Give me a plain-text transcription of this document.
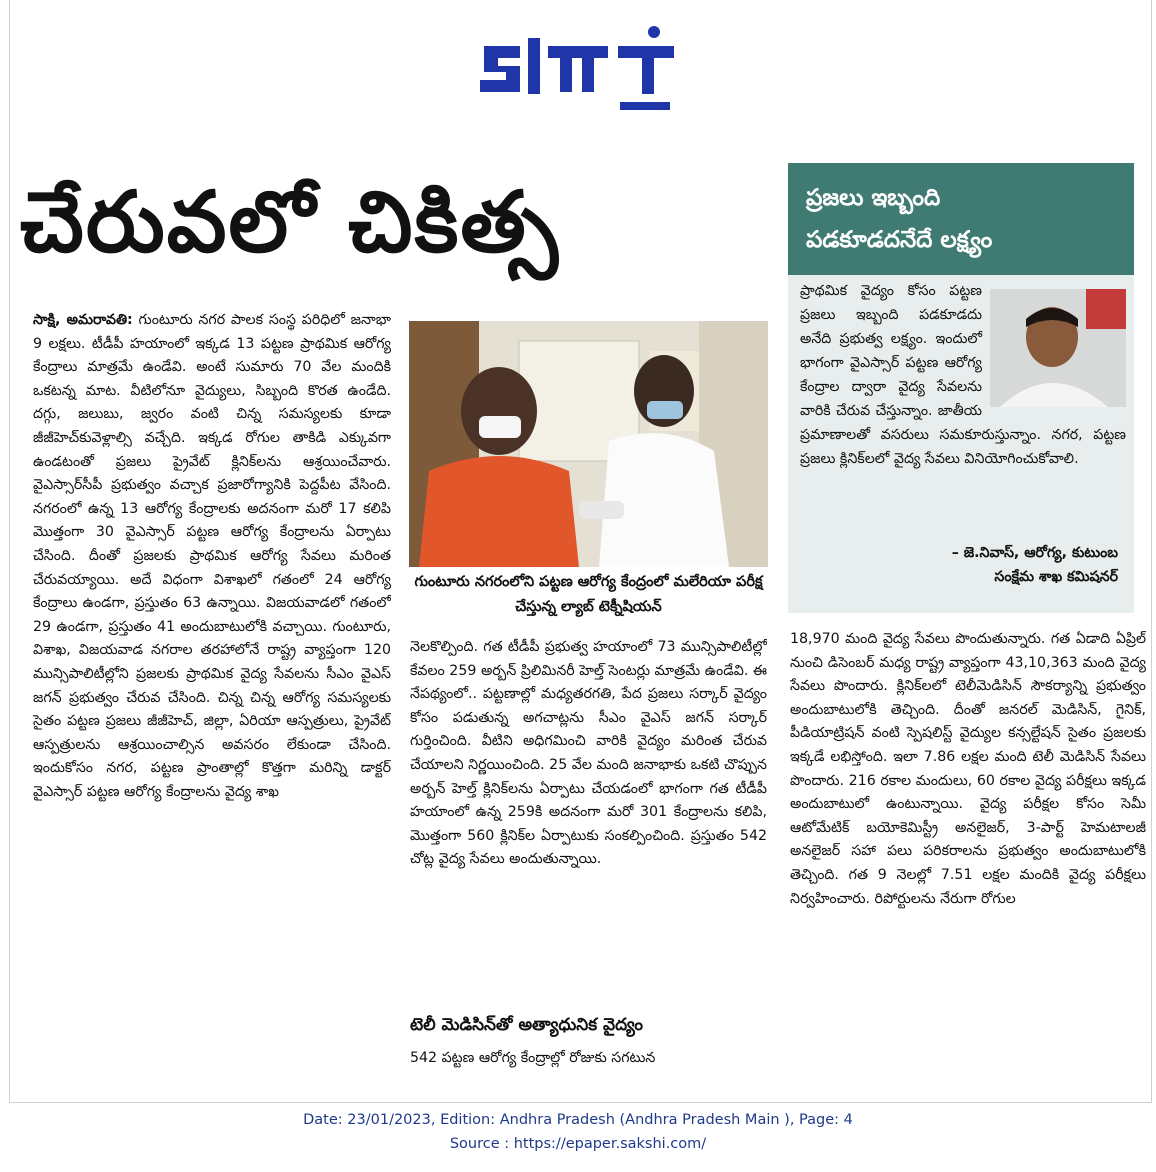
చేరువలో చికిత్స
సాక్షి, అమరావతి: గుంటూరు నగర పాలక సంస్థ పరిధిలో జనాభా 9 లక్షలు. టీడీపీ హయాంలో ఇక్కడ 13 పట్టణ ప్రాథమిక ఆరోగ్య కేంద్రాలు మాత్రమే ఉండేవి. అంటే సుమారు 70 వేల మందికి ఒకటన్న మాట. వీటిలోనూ వైద్యులు, సిబ్బంది కొరత ఉండేది. దగ్గు, జలుబు, జ్వరం వంటి చిన్న సమస్యలకు కూడా జీజీహెచ్‌కువెళ్లాల్సి వచ్చేది. ఇక్కడ రోగుల తాకిడి ఎక్కువగా ఉండటంతో ప్రజలు ప్రైవేట్ క్లినిక్‌లను ఆశ్రయించేవారు. వైఎస్సార్‌సీపీ ప్రభుత్వం వచ్చాక ప్రజారోగ్యానికి పెద్దపీట వేసింది. నగరంలో ఉన్న 13 ఆరోగ్య కేంద్రాలకు అదనంగా మరో 17 కలిపి మొత్తంగా 30 వైఎస్సార్ పట్టణ ఆరోగ్య కేంద్రాలను ఏర్పాటు చేసింది. దీంతో ప్రజలకు ప్రాథమిక ఆరోగ్య సేవలు మరింత చేరువయ్యాయి. అదే విధంగా విశాఖలో గతంలో 24 ఆరోగ్య కేంద్రాలు ఉండగా, ప్రస్తుతం 63 ఉన్నాయి. విజయవాడలో గతంలో 29 ఉండగా, ప్రస్తుతం 41 అందుబాటులోకి వచ్చాయి. గుంటూరు, విశాఖ, విజయవాడ నగరాల తరహాలోనే రాష్ట్ర వ్యాప్తంగా 120 మున్సిపాలిటీల్లోని ప్రజలకు ప్రాథమిక వైద్య సేవలను సీఎం వైఎస్ జగన్ ప్రభుత్వం చేరువ చేసింది. చిన్న చిన్న ఆరోగ్య సమస్యలకు సైతం పట్టణ ప్రజలు జీజీహెచ్, జిల్లా, ఏరియా ఆస్పత్రులు, ప్రైవేట్ ఆస్పత్రులను ఆశ్రయించాల్సిన అవసరం లేకుండా చేసింది. ఇందుకోసం నగర, పట్టణ ప్రాంతాల్లో కొత్తగా మరిన్ని డాక్టర్ వైఎస్సార్ పట్టణ ఆరోగ్య కేంద్రాలను వైద్య శాఖ
గుంటూరు నగరంలోని పట్టణ ఆరోగ్య కేంద్రంలో మలేరియా పరీక్ష చేస్తున్న ల్యాబ్ టెక్నీషియన్
నెలకొల్పింది. గత టీడీపీ ప్రభుత్వ హయాంలో 73 మున్సిపాలిటీల్లో కేవలం 259 అర్బన్ ప్రిలిమినరీ హెల్త్ సెంటర్లు మాత్రమే ఉండేవి. ఈ నేపథ్యంలో.. పట్టణాల్లో మధ్యతరగతి, పేద ప్రజలు సర్కార్ వైద్యం కోసం పడుతున్న అగచాట్లను సీఎం వైఎస్ జగన్ సర్కార్ గుర్తించింది. వీటిని అధిగమించి వారికి వైద్యం మరింత చేరువ చేయాలని నిర్ణయించింది. 25 వేల మంది జనాభాకు ఒకటి చొప్పున అర్బన్ హెల్త్ క్లినిక్‌లను ఏర్పాటు చేయడంలో భాగంగా గత టీడీపీ హయాంలో ఉన్న 259కి అదనంగా మరో 301 కేంద్రాలను కలిపి, మొత్తంగా 560 క్లినిక్‌ల ఏర్పాటుకు సంకల్పించింది. ప్రస్తుతం 542 చోట్ల వైద్య సేవలు అందుతున్నాయి.
టెలీ మెడిసిన్‌తో అత్యాధునిక వైద్యం
542 పట్టణ ఆరోగ్య కేంద్రాల్లో రోజుకు సగటున
ప్రజలు ఇబ్బంది
పడకూడదనేదే లక్ష్యం
ప్రాథమిక వైద్యం కోసం పట్టణ ప్రజలు ఇబ్బంది పడకూడదు అనేది ప్రభుత్వ లక్ష్యం. ఇందులో భాగంగా వైఎస్సార్ పట్టణ ఆరోగ్య కేంద్రాల ద్వారా వైద్య సేవలను వారికి చేరువ చేస్తున్నాం. జాతీయ ప్రమాణాలతో వసరులు సమకూరుస్తున్నాం. నగర, పట్టణ ప్రజలు క్లినిక్‌లలో వైద్య సేవలు వినియోగించుకోవాలి.
– జె.నివాస్, ఆరోగ్య, కుటుంబ
సంక్షేమ శాఖ కమిషనర్
18,970 మంది వైద్య సేవలు పొందుతున్నారు. గత ఏడాది ఏప్రిల్ నుంచి డిసెంబర్ మధ్య రాష్ట్ర వ్యాప్తంగా 43,10,363 మంది వైద్య సేవలు పొందారు. క్లినిక్‌లలో టెలీమెడిసిన్ సౌకర్యాన్ని ప్రభుత్వం అందుబాటులోకి తెచ్చింది. దీంతో జనరల్ మెడిసిన్, గైనిక్, పీడియాట్రిషన్ వంటి స్పెషలిస్ట్ వైద్యుల కన్సల్టేషన్ సైతం ప్రజలకు ఇక్కడే లభిస్తోంది. ఇలా 7.86 లక్షల మంది టెలీ మెడిసిన్ సేవలు పొందారు. 216 రకాల మందులు, 60 రకాల వైద్య పరీక్షలు ఇక్కడ అందుబాటులో ఉంటున్నాయి. వైద్య పరీక్షల కోసం సెమీ ఆటోమేటిక్ బయోకెమిస్ట్రీ అనలైజర్, 3-పార్ట్ హెమటాలజీ అనలైజర్ సహా పలు పరికరాలను ప్రభుత్వం అందుబాటులోకి తెచ్చింది. గత 9 నెలల్లో 7.51 లక్షల మందికి వైద్య పరీక్షలు నిర్వహించారు. రిపోర్టులను నేరుగా రోగుల
Date: 23/01/2023, Edition: Andhra Pradesh (Andhra Pradesh Main ), Page: 4
Source : https://epaper.sakshi.com/
